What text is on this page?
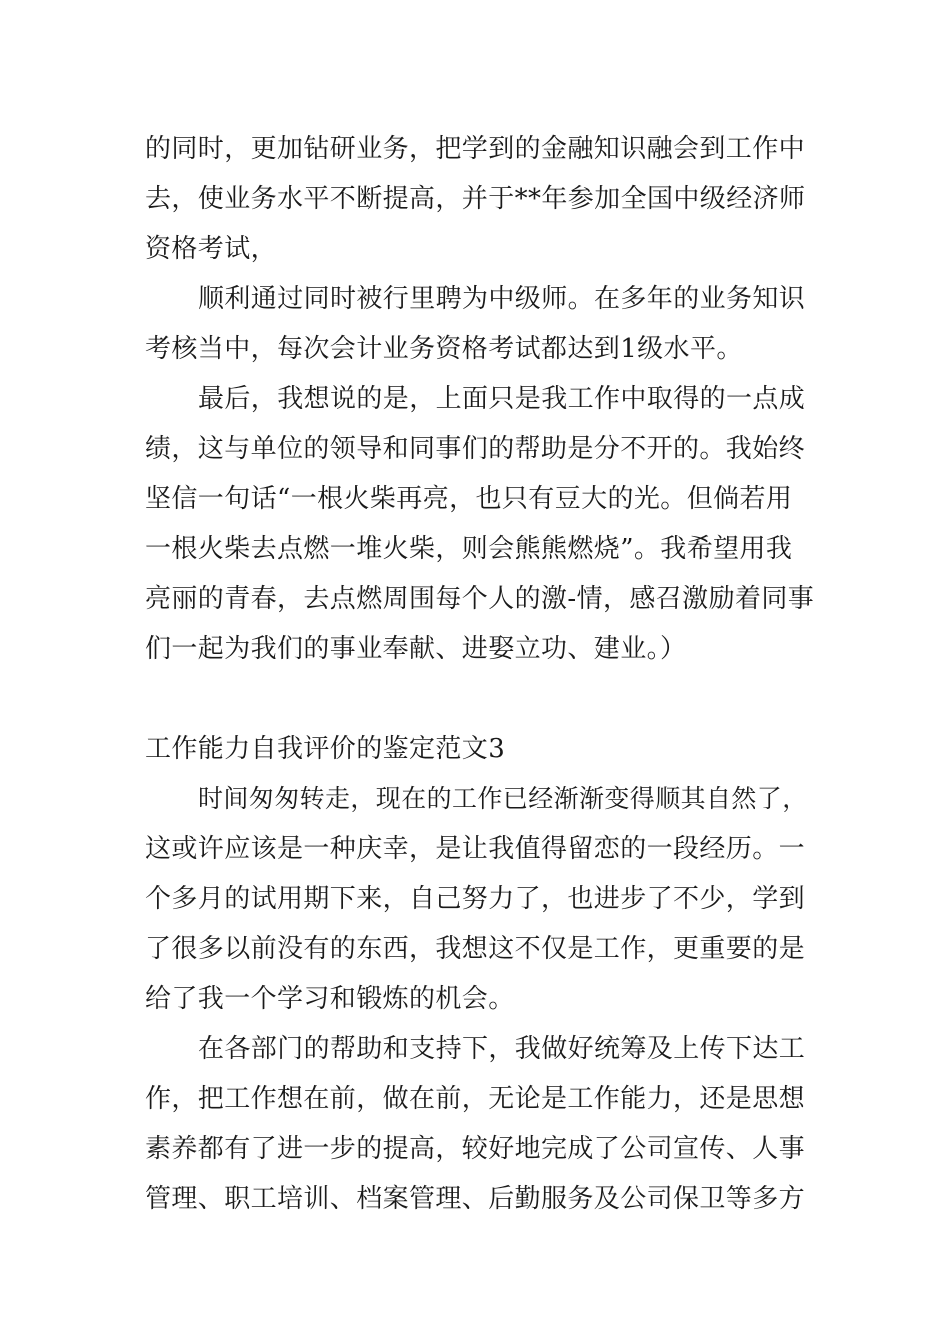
的同时，更加钻研业务，把学到的金融知识融会到工作中
去，使业务水平不断提高，并于**年参加全国中级经济师
资格考试，
顺利通过同时被行里聘为中级师。在多年的业务知识
考核当中，每次会计业务资格考试都达到1级水平。
最后，我想说的是，上面只是我工作中取得的一点成
绩，这与单位的领导和同事们的帮助是分不开的。我始终
坚信一句话“一根火柴再亮，也只有豆大的光。但倘若用
一根火柴去点燃一堆火柴，则会熊熊燃烧”。我希望用我
亮丽的青春，去点燃周围每个人的激-情，感召激励着同事
们一起为我们的事业奉献、进娶立功、建业。）
工作能力自我评价的鉴定范文3
时间匆匆转走，现在的工作已经渐渐变得顺其自然了，
这或许应该是一种庆幸，是让我值得留恋的一段经历。一
个多月的试用期下来，自己努力了，也进步了不少，学到
了很多以前没有的东西，我想这不仅是工作，更重要的是
给了我一个学习和锻炼的机会。
在各部门的帮助和支持下，我做好统筹及上传下达工
作，把工作想在前，做在前，无论是工作能力，还是思想
素养都有了进一步的提高，较好地完成了公司宣传、人事
管理、职工培训、档案管理、后勤服务及公司保卫等多方
